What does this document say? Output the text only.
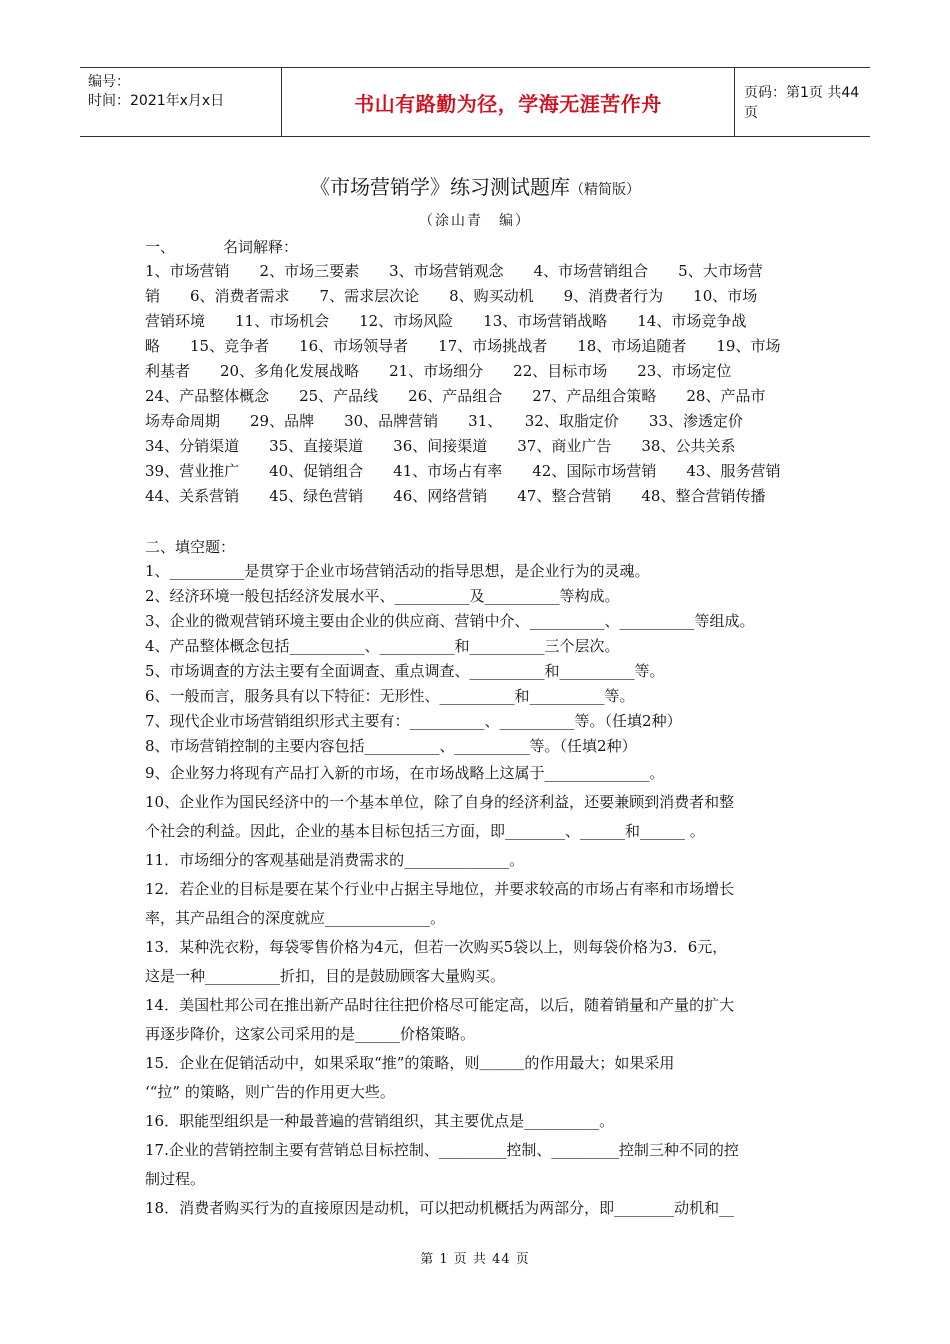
编号：
时间：2021年x月x日	书山有路勤为径，学海无涯苦作舟	页码：第1页 共44页
《市场营销学》练习测试题库（精简版）
（涂山青　编）
一、	名词解释：

1、市场营销　　2、市场三要素　　3、市场营销观念　　4、市场营销组合　　5、大市场营

销　　6、消费者需求　　7、需求层次论　　8、购买动机　　9、消费者行为　　10、市场

营销环境　　11、市场机会　　12、市场风险　　13、市场营销战略　　14、市场竞争战

略　　15、竞争者　　16、市场领导者　　17、市场挑战者　　18、市场追随者　　19、市场

利基者　　20、多角化发展战略　　21、市场细分　　22、目标市场　　23、市场定位

24、产品整体概念　　25、产品线　　26、产品组合　　27、产品组合策略　　28、产品市

场寿命周期　　29、品牌　　30、品牌营销　　31、　　32、取脂定价　　33、渗透定价

34、分销渠道　　35、直接渠道　　36、间接渠道　　37、商业广告　　38、公共关系

39、营业推广　　40、促销组合　　41、市场占有率　　42、国际市场营销　　43、服务营销

44、关系营销　　45、绿色营销　　46、网络营销　　47、整合营销　　48、整合营销传播

二、填空题：

1、__________是贯穿于企业市场营销活动的指导思想，是企业行为的灵魂。

2、经济环境一般包括经济发展水平、__________及__________等构成。

3、企业的微观营销环境主要由企业的供应商、营销中介、__________、__________等组成。

4、产品整体概念包括__________、__________和__________三个层次。

5、市场调查的方法主要有全面调查、重点调查、__________和__________等。

6、一般而言，服务具有以下特征：无形性、__________和__________等。

7、现代企业市场营销组织形式主要有：__________、__________等。（任填2种）

8、市场营销控制的主要内容包括__________、__________等。（任填2种）

9、企业努力将现有产品打入新的市场，在市场战略上这属于______________。

10、企业作为国民经济中的一个基本单位，除了自身的经济利益，还要兼顾到消费者和整

个社会的利益。因此，企业的基本目标包括三方面，即________、______和______ 。

11．市场细分的客观基础是消费需求的______________。

12．若企业的目标是要在某个行业中占据主导地位，并要求较高的市场占有率和市场增长

率，其产品组合的深度就应______________。

13．某种洗衣粉，每袋零售价格为4元，但若一次购买5袋以上，则每袋价格为3．6元，

这是一种__________折扣，目的是鼓励顾客大量购买。

14．美国杜邦公司在推出新产品时往往把价格尽可能定高，以后，随着销量和产量的扩大

再逐步降价，这家公司采用的是______价格策略。

15．企业在促销活动中，如果采取“推”的策略，则＿＿＿的作用最大；如果采用

‘“拉” 的策略，则广告的作用更大些。

16．职能型组织是一种最普遍的营销组织，其主要优点是__________。

17.企业的营销控制主要有营销总目标控制、_________控制、_________控制三种不同的控

制过程。

18．消费者购买行为的直接原因是动机，可以把动机概括为两部分，即________动机和__

第 1 页 共 44 页
